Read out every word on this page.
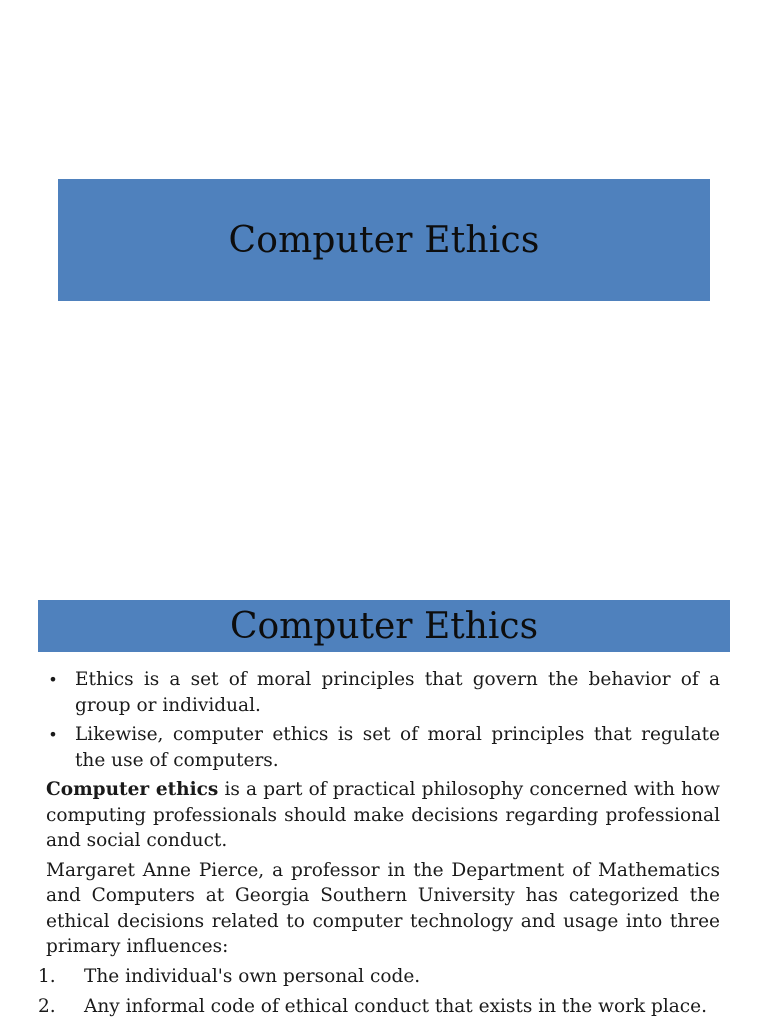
Computer Ethics
Computer Ethics
• Ethics is a set of moral principles that govern the behavior of a group or individual.
• Likewise, computer ethics is set of moral principles that regulate the use of computers.

Computer ethics is a part of practical philosophy concerned with how computing professionals should make decisions regarding professional and social conduct.

Margaret Anne Pierce, a professor in the Department of Mathematics and Computers at Georgia Southern University has categorized the ethical decisions related to computer technology and usage into three primary influences:

1. The individual's own personal code.
2. Any informal code of ethical conduct that exists in the work place.
